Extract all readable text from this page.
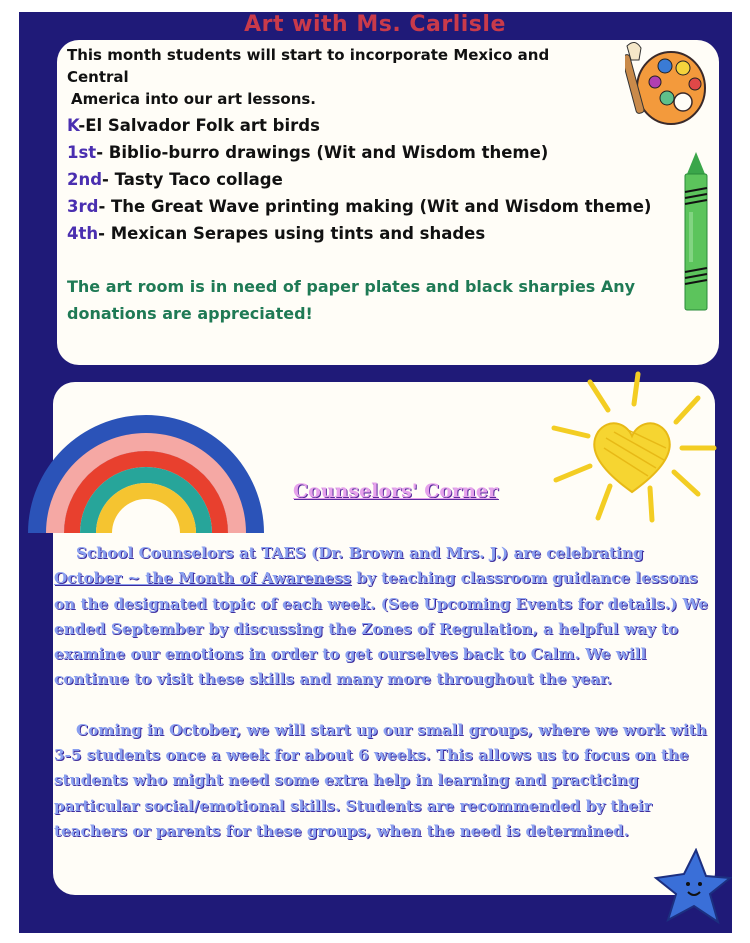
Art with Ms. Carlisle
This month students will start to incorporate Mexico and Central
America into our art lessons.
K-El Salvador Folk art birds
1st- Biblio-burro drawings (Wit and Wisdom theme)
2nd- Tasty Taco collage
3rd- The Great Wave printing making (Wit and Wisdom theme)
4th- Mexican Serapes using tints and shades
The art room is in need of paper plates and black sharpies Any donations are appreciated!
Counselors' Corner

School Counselors at TAES (Dr. Brown and Mrs. J.) are celebrating October ~ the Month of Awareness by teaching classroom guidance lessons on the designated topic of each week. (See Upcoming Events for details.) We ended September by discussing the Zones of Regulation, a helpful way to examine our emotions in order to get ourselves back to Calm. We will continue to visit these skills and many more throughout the year.

Coming in October, we will start up our small groups, where we work with 3-5 students once a week for about 6 weeks. This allows us to focus on the students who might need some extra help in learning and practicing particular social/emotional skills. Students are recommended by their teachers or parents for these groups, when the need is determined.
